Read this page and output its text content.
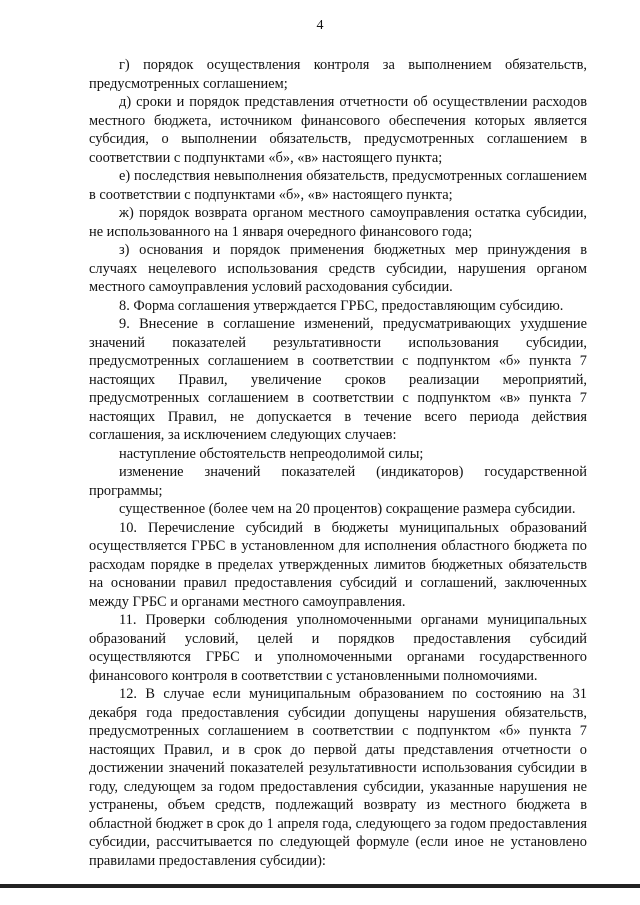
4

г) порядок осуществления контроля за выполнением обязательств, предусмотренных соглашением;

д) сроки и порядок представления отчетности об осуществлении расходов местного бюджета, источником финансового обеспечения которых является субсидия, о выполнении обязательств, предусмотренных соглашением в соответствии с подпунктами «б», «в» настоящего пункта;

е) последствия невыполнения обязательств, предусмотренных соглашением в соответствии с подпунктами «б», «в» настоящего пункта;

ж) порядок возврата органом местного самоуправления остатка субсидии, не использованного на 1 января очередного финансового года;

з) основания и порядок применения бюджетных мер принуждения в случаях нецелевого использования средств субсидии, нарушения органом местного самоуправления условий расходования субсидии.

8. Форма соглашения утверждается ГРБС, предоставляющим субсидию.

9. Внесение в соглашение изменений, предусматривающих ухудшение значений показателей результативности использования субсидии, предусмотренных соглашением в соответствии с подпунктом «б» пункта 7 настоящих Правил, увеличение сроков реализации мероприятий, предусмотренных соглашением в соответствии с подпунктом «в» пункта 7 настоящих Правил, не допускается в течение всего периода действия соглашения, за исключением следующих случаев:

наступление обстоятельств непреодолимой силы;

изменение значений показателей (индикаторов) государственной программы;

существенное (более чем на 20 процентов) сокращение размера субсидии.

10. Перечисление субсидий в бюджеты муниципальных образований осуществляется ГРБС в установленном для исполнения областного бюджета по расходам порядке в пределах утвержденных лимитов бюджетных обязательств на основании правил предоставления субсидий и соглашений, заключенных между ГРБС и органами местного самоуправления.

11. Проверки соблюдения уполномоченными органами муниципальных образований условий, целей и порядков предоставления субсидий осуществляются ГРБС и уполномоченными органами государственного финансового контроля в соответствии с установленными полномочиями.

12. В случае если муниципальным образованием по состоянию на 31 декабря года предоставления субсидии допущены нарушения обязательств, предусмотренных соглашением в соответствии с подпунктом «б» пункта 7 настоящих Правил, и в срок до первой даты представления отчетности о достижении значений показателей результативности использования субсидии в году, следующем за годом предоставления субсидии, указанные нарушения не устранены, объем средств, подлежащий возврату из местного бюджета в областной бюджет в срок до 1 апреля года, следующего за годом предоставления субсидии, рассчитывается по следующей формуле (если иное не установлено правилами предоставления субсидии):
